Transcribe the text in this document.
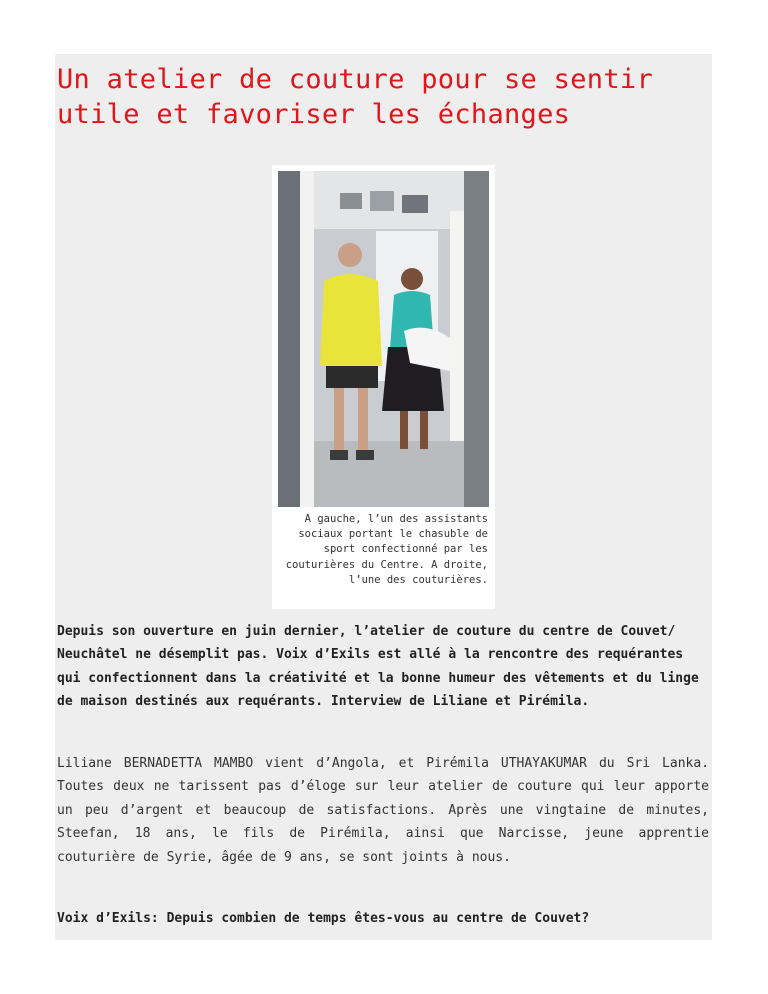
Un atelier de couture pour se sentir utile et favoriser les échanges
A gauche, l’un des assistants sociaux portant le chasuble de sport confectionné par les couturières du Centre. A droite, l’une des couturières.

Depuis son ouverture en juin dernier, l’atelier de couture du centre de Couvet/ Neuchâtel ne désemplit pas. Voix d’Exils est allé à la rencontre des requérantes qui confectionnent dans la créativité et la bonne humeur des vêtements et du linge de maison destinés aux requérants. Interview de Liliane et Pirémila.

Liliane BERNADETTA MAMBO vient d’Angola, et Pirémila UTHAYAKUMAR du Sri Lanka. Toutes deux ne tarissent pas d’éloge sur leur atelier de couture qui leur apporte un peu d’argent et beaucoup de satisfactions. Après une vingtaine de minutes, Steefan, 18 ans, le fils de Pirémila, ainsi que Narcisse, jeune apprentie couturière de Syrie, âgée de 9 ans, se sont joints à nous.

Voix d’Exils: Depuis combien de temps êtes-vous au centre de Couvet?
